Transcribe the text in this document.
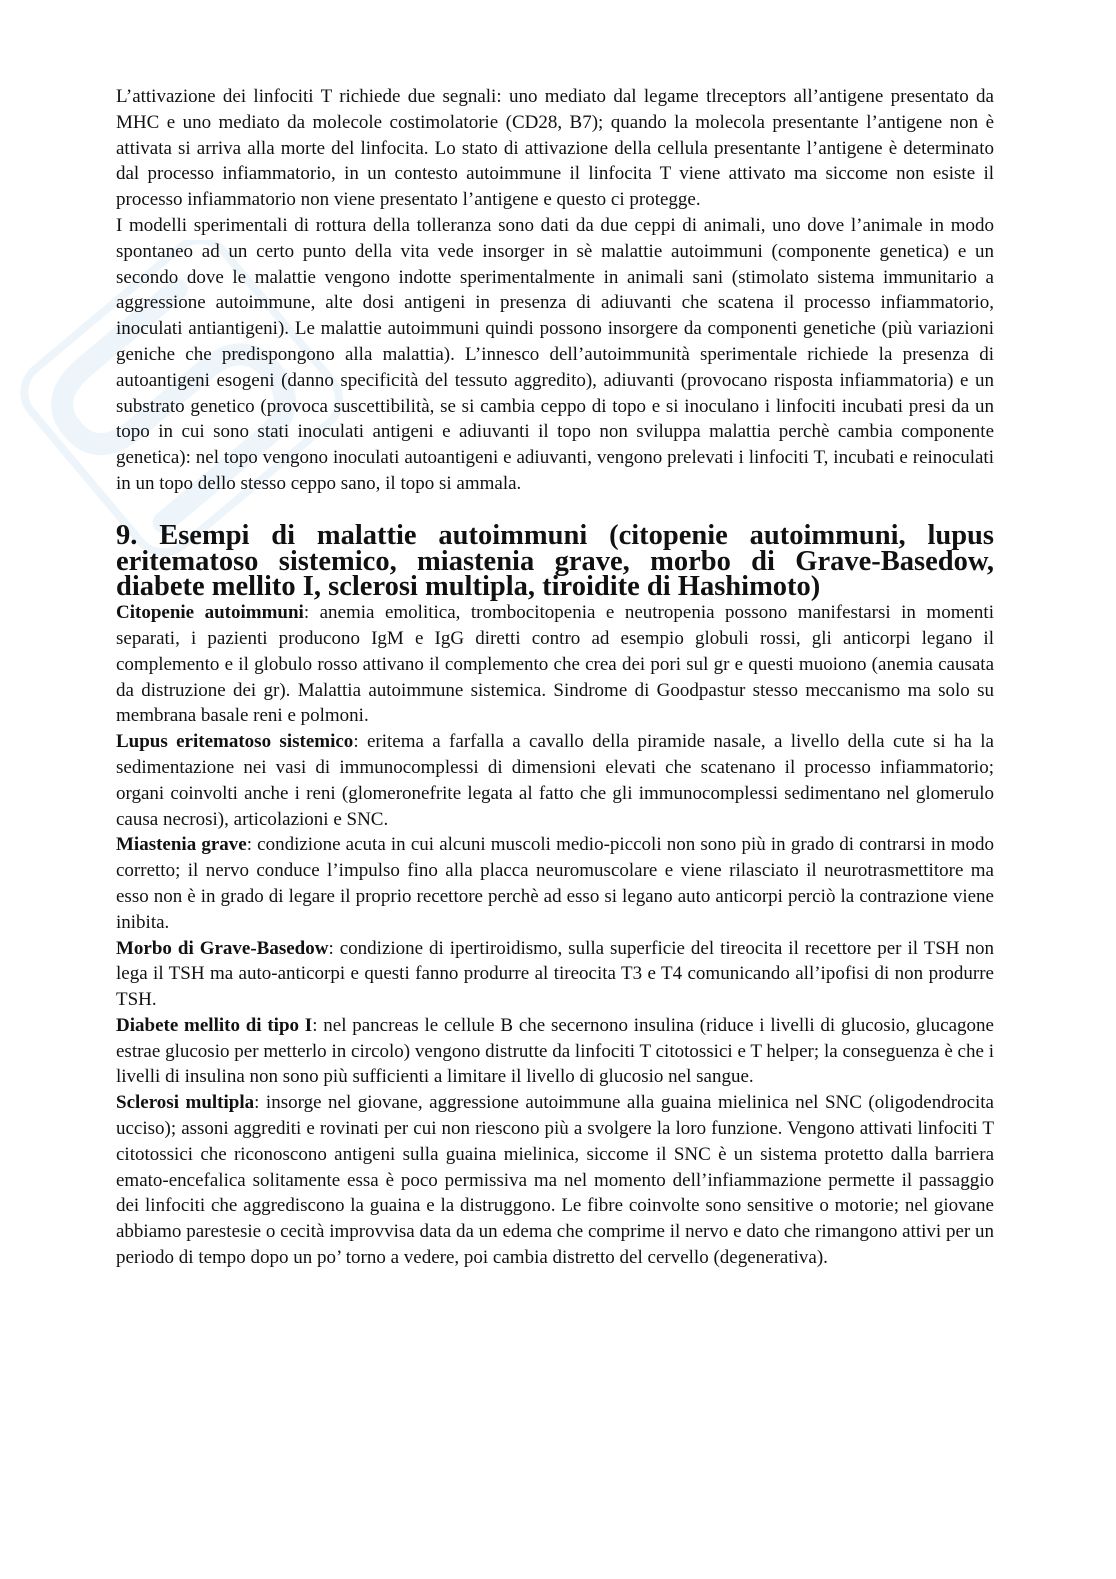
L’attivazione dei linfociti T richiede due segnali: uno mediato dal legame tlreceptors all’antigene presentato da MHC e uno mediato da molecole costimolatorie (CD28, B7); quando la molecola presentante l’antigene non è attivata si arriva alla morte del linfocita. Lo stato di attivazione della cellula presentante l’antigene è determinato dal processo infiammatorio, in un contesto autoimmune il linfocita T viene attivato ma siccome non esiste il processo infiammatorio non viene presentato l’antigene e questo ci protegge.

I modelli sperimentali di rottura della tolleranza sono dati da due ceppi di animali, uno dove l’animale in modo spontaneo ad un certo punto della vita vede insorger in sè malattie autoimmuni (componente genetica) e un secondo dove le malattie vengono indotte sperimentalmente in animali sani (stimolato sistema immunitario a aggressione autoimmune, alte dosi antigeni in presenza di adiuvanti che scatena il processo infiammatorio, inoculati antiantigeni). Le malattie autoimmuni quindi possono insorgere da componenti genetiche (più variazioni geniche che predispongono alla malattia). L’innesco dell’autoimmunità sperimentale richiede la presenza di autoantigeni esogeni (danno specificità del tessuto aggredito), adiuvanti (provocano risposta infiammatoria) e un substrato genetico (provoca suscettibilità, se si cambia ceppo di topo e si inoculano i linfociti incubati presi da un topo in cui sono stati inoculati antigeni e adiuvanti il topo non sviluppa malattia perchè cambia componente genetica): nel topo vengono inoculati autoantigeni e adiuvanti, vengono prelevati i linfociti T, incubati e reinoculati in un topo dello stesso ceppo sano, il topo si ammala.

9. Esempi di malattie autoimmuni (citopenie autoimmuni, lupus eritematoso sistemico, miastenia grave, morbo di Grave-Basedow, diabete mellito I, sclerosi multipla, tiroidite di Hashimoto)

Citopenie autoimmuni: anemia emolitica, trombocitopenia e neutropenia possono manifestarsi in momenti separati, i pazienti producono IgM e IgG diretti contro ad esempio globuli rossi, gli anticorpi legano il complemento e il globulo rosso attivano il complemento che crea dei pori sul gr e questi muoiono (anemia causata da distruzione dei gr). Malattia autoimmune sistemica. Sindrome di Goodpastur stesso meccanismo ma solo su membrana basale reni e polmoni.

Lupus eritematoso sistemico: eritema a farfalla a cavallo della piramide nasale, a livello della cute si ha la sedimentazione nei vasi di immunocomplessi di dimensioni elevati che scatenano il processo infiammatorio; organi coinvolti anche i reni (glomeronefrite legata al fatto che gli immunocomplessi sedimentano nel glomerulo causa necrosi), articolazioni e SNC.

Miastenia grave: condizione acuta in cui alcuni muscoli medio-piccoli non sono più in grado di contrarsi in modo corretto; il nervo conduce l’impulso fino alla placca neuromuscolare e viene rilasciato il neurotrasmettitore ma esso non è in grado di legare il proprio recettore perchè ad esso si legano auto anticorpi perciò la contrazione viene inibita.

Morbo di Grave-Basedow: condizione di ipertiroidismo, sulla superficie del tireocita il recettore per il TSH non lega il TSH ma auto-anticorpi e questi fanno produrre al tireocita T3 e T4 comunicando all’ipofisi di non produrre TSH.

Diabete mellito di tipo I: nel pancreas le cellule B che secernono insulina (riduce i livelli di glucosio, glucagone estrae glucosio per metterlo in circolo) vengono distrutte da linfociti T citotossici e T helper; la conseguenza è che i livelli di insulina non sono più sufficienti a limitare il livello di glucosio nel sangue.

Sclerosi multipla: insorge nel giovane, aggressione autoimmune alla guaina mielinica nel SNC (oligodendrocita ucciso); assoni aggrediti e rovinati per cui non riescono più a svolgere la loro funzione. Vengono attivati linfociti T citotossici che riconoscono antigeni sulla guaina mielinica, siccome il SNC è un sistema protetto dalla barriera emato-encefalica solitamente essa è poco permissiva ma nel momento dell’infiammazione permette il passaggio dei linfociti che aggrediscono la guaina e la distruggono. Le fibre coinvolte sono sensitive o motorie; nel giovane abbiamo parestesie o cecità improvvisa data da un edema che comprime il nervo e dato che rimangono attivi per un periodo di tempo dopo un po’ torno a vedere, poi cambia distretto del cervello (degenerativa).
